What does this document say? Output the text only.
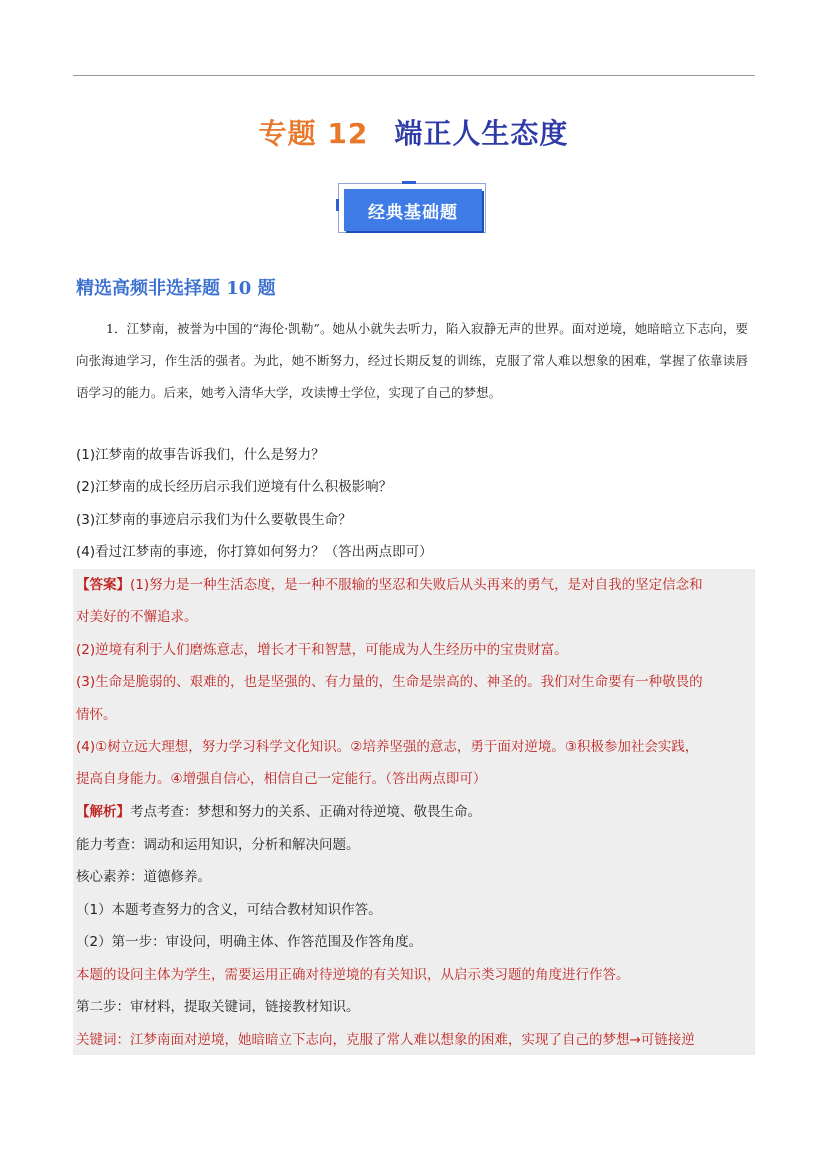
专题 12 端正人生态度
经典基础题
精选高频非选择题 10 题
1．江梦南，被誉为中国的“海伦·凯勒”。她从小就失去听力，陷入寂静无声的世界。面对逆境，她暗暗立下志向，要向张海迪学习，作生活的强者。为此，她不断努力，经过长期反复的训练，克服了常人难以想象的困难，掌握了依靠读唇语学习的能力。后来，她考入清华大学，攻读博士学位，实现了自己的梦想。
(1)江梦南的故事告诉我们，什么是努力？
(2)江梦南的成长经历启示我们逆境有什么积极影响？
(3)江梦南的事迹启示我们为什么要敬畏生命？
(4)看过江梦南的事迹，你打算如何努力？（答出两点即可）
【答案】(1)努力是一种生活态度，是一种不服输的坚忍和失败后从头再来的勇气，是对自我的坚定信念和
对美好的不懈追求。
(2)逆境有利于人们磨炼意志，增长才干和智慧，可能成为人生经历中的宝贵财富。
(3)生命是脆弱的、艰难的，也是坚强的、有力量的，生命是崇高的、神圣的。我们对生命要有一种敬畏的
情怀。
(4)①树立远大理想，努力学习科学文化知识。②培养坚强的意志，勇于面对逆境。③积极参加社会实践，
提高自身能力。④增强自信心，相信自己一定能行。（答出两点即可）
【解析】考点考查：梦想和努力的关系、正确对待逆境、敬畏生命。
能力考查：调动和运用知识，分析和解决问题。
核心素养：道德修养。
（1）本题考查努力的含义，可结合教材知识作答。
（2）第一步：审设问，明确主体、作答范围及作答角度。
本题的设问主体为学生，需要运用正确对待逆境的有关知识，从启示类习题的角度进行作答。
第二步：审材料，提取关键词，链接教材知识。
关键词：江梦南面对逆境，她暗暗立下志向，克服了常人难以想象的困难，实现了自己的梦想→可链接逆
